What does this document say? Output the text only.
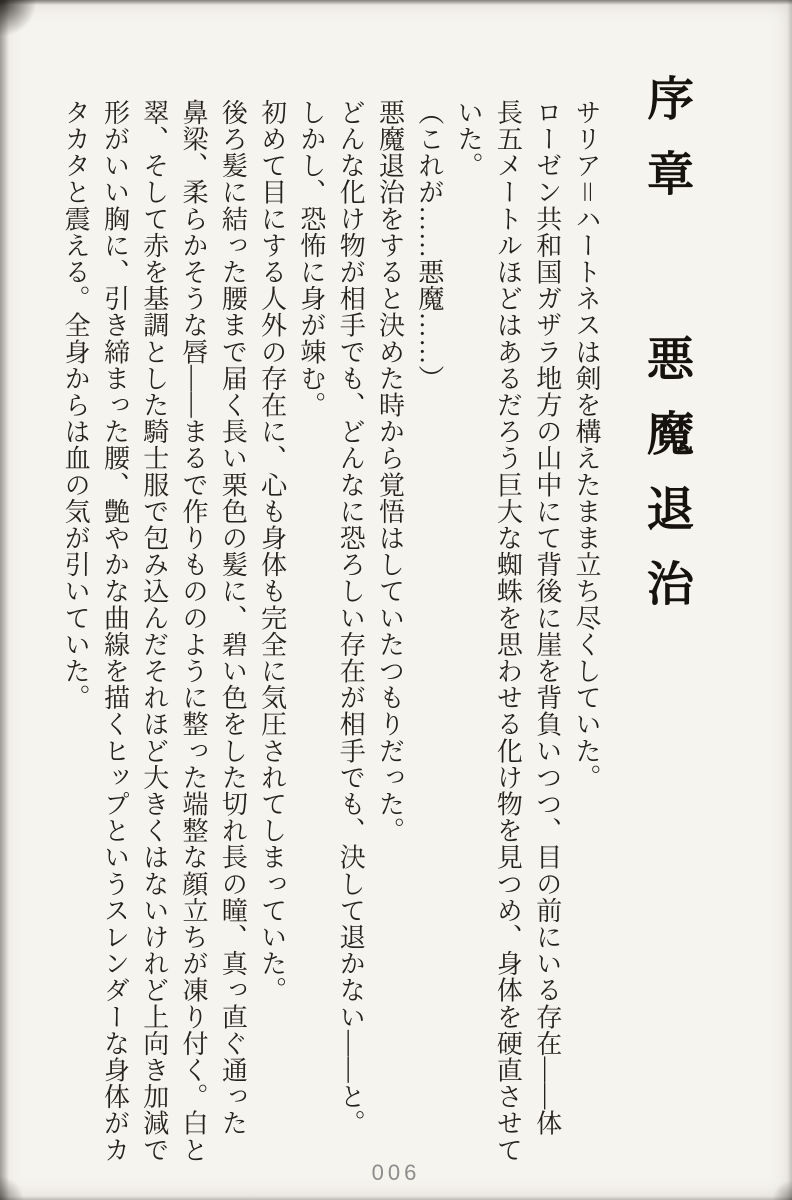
序章悪魔退治

サリア＝ハートネスは剣を構えたまま立ち尽くしていた。

ローゼン共和国ガザラ地方の山中にて背後に崖を背負いつつ、目の前にいる存在――体

長五メートルほどはあるだろう巨大な蜘蛛を思わせる化け物を見つめ、身体を硬直させて

いた。

（これが……悪魔……）

悪魔退治をすると決めた時から覚悟はしていたつもりだった。

どんな化け物が相手でも、どんなに恐ろしい存在が相手でも、決して退かない――と。

しかし、恐怖に身が竦む。

初めて目にする人外の存在に、心も身体も完全に気圧されてしまっていた。

後ろ髪に結った腰まで届く長い栗色の髪に、碧い色をした切れ長の瞳、真っ直ぐ通った

鼻梁、柔らかそうな唇――まるで作りもののように整った端整な顔立ちが凍り付く。白と

翠、そして赤を基調とした騎士服で包み込んだそれほど大きくはないけれど上向き加減で

形がいい胸に、引き締まった腰、艶やかな曲線を描くヒップというスレンダーな身体がカ

タカタと震える。全身からは血の気が引いていた。

006
